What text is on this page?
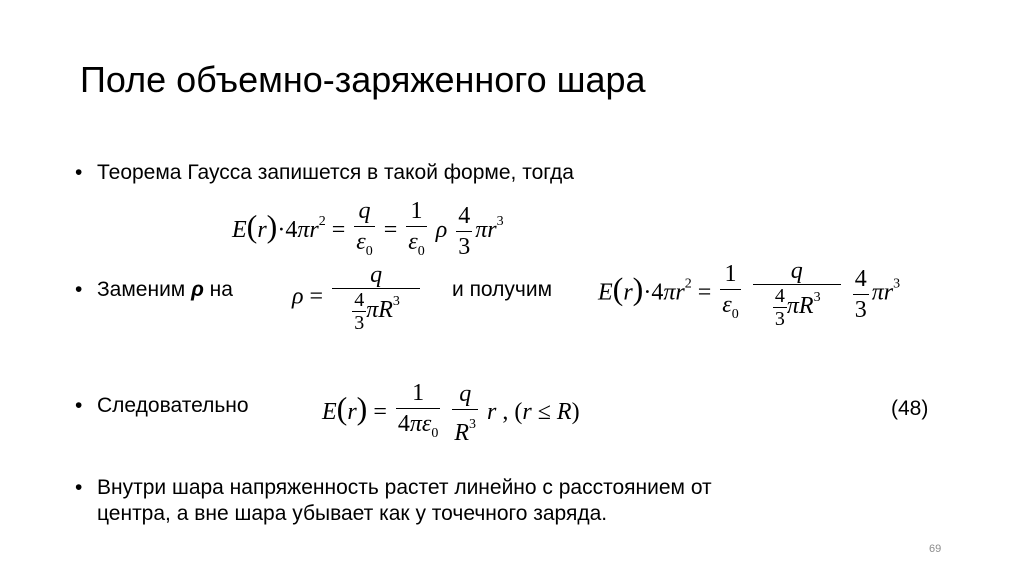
Поле объемно-заряженного шара
• Теорема Гаусса запишется в такой форме, тогда
$E(r)\cdot 4\pi r^2 = \frac{q}{\varepsilon_0} = \frac{1}{\varepsilon_0}$ ρ $\frac{4}{3} \pi r^3$
• Заменим ρ на	и получим
$\rho = \frac{q}{\frac{4}{3} \pi R^3}$	$E(r)\cdot 4\pi r^2 = \frac{1}{\varepsilon_0}$
$\frac{q}{\frac{4}{3} \pi R^3}$
$\frac{4}{3} \pi r^3$
• Следовательно	$E(r) = \frac{1}{4\pi\varepsilon_0}$
$\frac{q}{R^3}$ r , (r ≤ R)	(48)
• Внутри шара напряженность растет линейно с расстоянием от
центра, а вне шара убывает как у точечного заряда.
69
